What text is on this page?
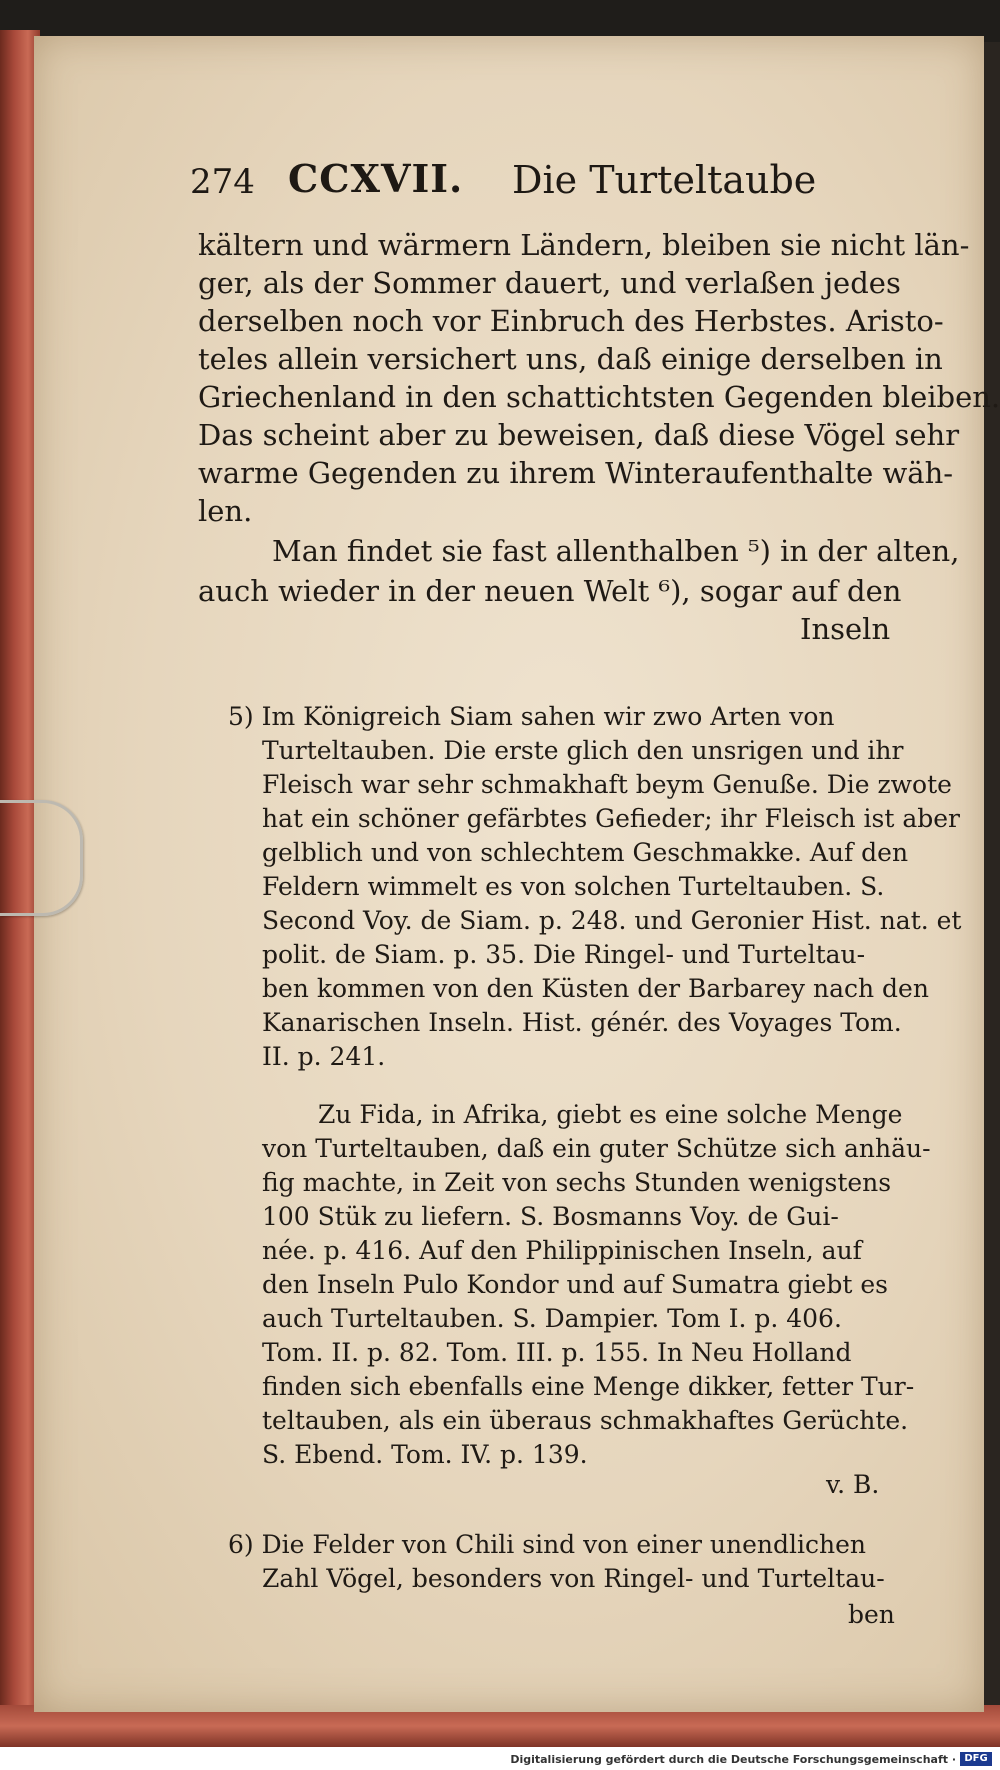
274 CCXVII. Die Turteltaube
kältern und wärmern Ländern, bleiben sie nicht län-
ger, als der Sommer dauert, und verlaßen jedes
derselben noch vor Einbruch des Herbstes. Aristo-
teles allein versichert uns, daß einige derselben in
Griechenland in den schattichtsten Gegenden bleiben.
Das scheint aber zu beweisen, daß diese Vögel sehr
warme Gegenden zu ihrem Winteraufenthalte wäh-
len.
Man findet sie fast allenthalben ⁵) in der alten,
auch wieder in der neuen Welt ⁶), sogar auf den
Inseln
5) Im Königreich Siam sahen wir zwo Arten von
Turteltauben. Die erste glich den unsrigen und ihr
Fleisch war sehr schmakhaft beym Genuße. Die zwote
hat ein schöner gefärbtes Gefieder; ihr Fleisch ist aber
gelblich und von schlechtem Geschmakke. Auf den
Feldern wimmelt es von solchen Turteltauben. S.
Second Voy. de Siam. p. 248. und Geronier Hist. nat. et
polit. de Siam. p. 35. Die Ringel- und Turteltau-
ben kommen von den Küsten der Barbarey nach den
Kanarischen Inseln. Hist. génér. des Voyages Tom.
II. p. 241.
Zu Fida, in Afrika, giebt es eine solche Menge
von Turteltauben, daß ein guter Schütze sich anhäu-
fig machte, in Zeit von sechs Stunden wenigstens
100 Stük zu liefern. S. Bosmanns Voy. de Gui-
née. p. 416. Auf den Philippinischen Inseln, auf
den Inseln Pulo Kondor und auf Sumatra giebt es
auch Turteltauben. S. Dampier. Tom I. p. 406.
Tom. II. p. 82. Tom. III. p. 155. In Neu Holland
finden sich ebenfalls eine Menge dikker, fetter Tur-
teltauben, als ein überaus schmakhaftes Gerüchte.
S. Ebend. Tom. IV. p. 139.
v. B.
6) Die Felder von Chili sind von einer unendlichen
Zahl Vögel, besonders von Ringel- und Turteltau-
ben
Digitalisierung gefördert durch die Deutsche Forschungsgemeinschaft · DFG
